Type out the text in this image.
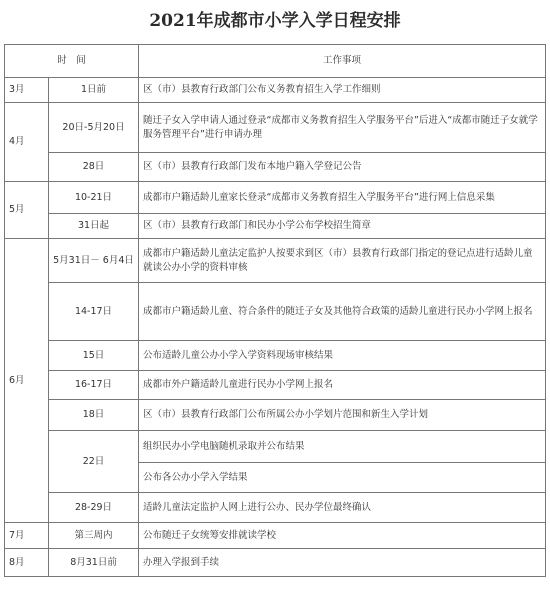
2021年成都市小学入学日程安排
时　间		工作事项
3月	1日前	区（市）县教育行政部门公布义务教育招生入学工作细则
4月	20日-5月20日	随迁子女入学申请人通过登录“成都市义务教育招生入学服务平台”后进入“成都市随迁子女就学服务管理平台”进行申请办理
	28日	区（市）县教育行政部门发布本地户籍入学登记公告
5月	10-21日	成都市户籍适龄儿童家长登录“成都市义务教育招生入学服务平台”进行网上信息采集
	31日起	区（市）县教育行政部门和民办小学公布学校招生简章
6月	5月31日－ 6月4日	成都市户籍适龄儿童法定监护人按要求到区（市）县教育行政部门指定的登记点进行适龄儿童就读公办小学的资料审核
	14-17日	成都市户籍适龄儿童、符合条件的随迁子女及其他符合政策的适龄儿童进行民办小学网上报名
	15日	公布适龄儿童公办小学入学资料现场审核结果
	16-17日	成都市外户籍适龄儿童进行民办小学网上报名
	18日	区（市）县教育行政部门公布所属公办小学划片范围和新生入学计划
	22日	组织民办小学电脑随机录取并公布结果
		公布各公办小学入学结果
	28-29日	适龄儿童法定监护人网上进行公办、民办学位最终确认
7月	第三周内	公布随迁子女统筹安排就读学校
8月	8月31日前	办理入学报到手续
